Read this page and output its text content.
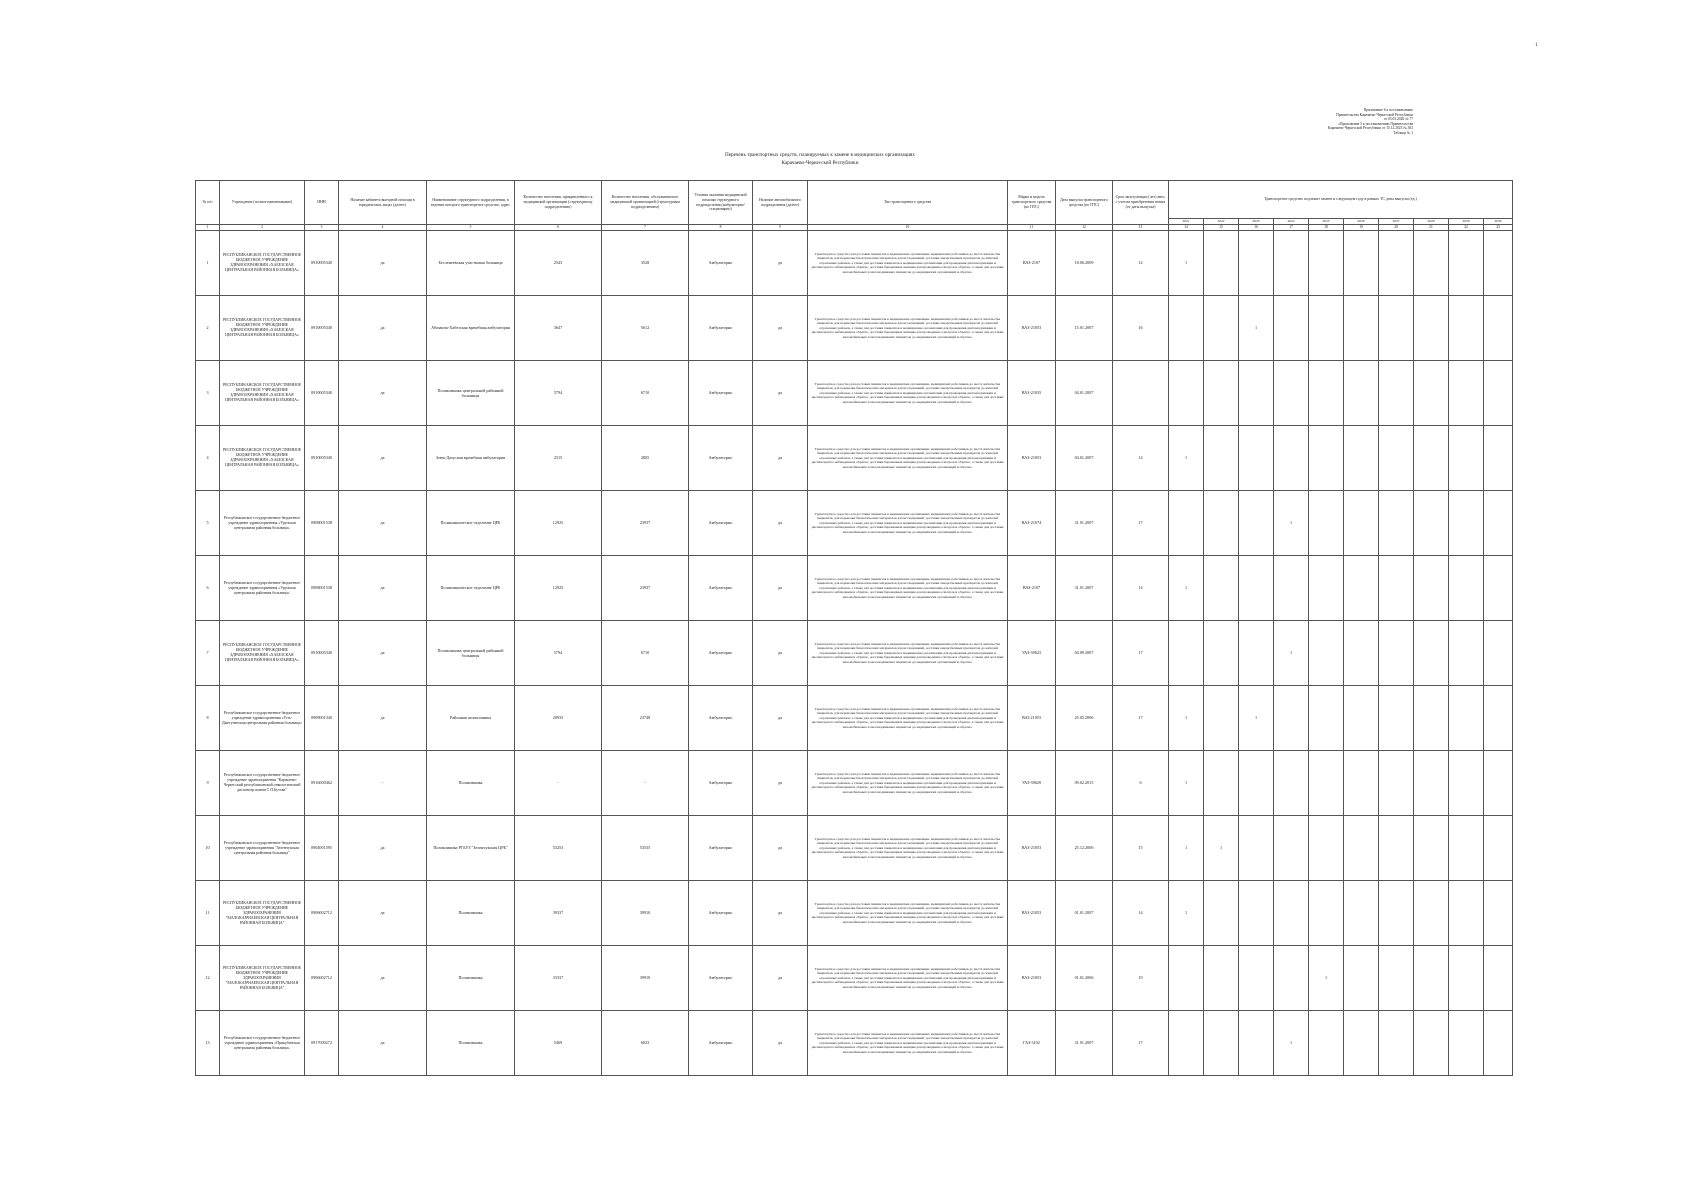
1
Приложение 6 к постановлению
Правительства Карачаево-Черкесской Республики
от 03.03.2026 № 77
«Приложение 5 к постановлению Правительства
Карачаево-Черкесской Республики от 15.12.2023 № 303
Таблица № 1
Перечень транспортных средств, планируемых к замене в медицинских организациях
Карачаево-Черкесской Республики
№ п/п	Учреждение (полное наименование)	ИНН	Наличие кабинета выездной помощи в юридических лицах (да/нет)	Наименование структурного подразделения, в ведении которого транспортное средство, адрес	Количество населения, прикрепленного к медицинской организации (структурному подразделению)	Количество населения, обслуживаемого медицинской организацией (структурным подразделением)	Условия оказания медицинской помощи структурного подразделения (амбулаторно/стационарно)	Наличие автомобильного подразделения (да/нет)	Тип транспортного средства	Марка и модель транспортного средства (по ПТС)	Дата выпуска транспортного средства (по ПТС)	Срок эксплуатации (лет) авто, с учетом приобретения новых (от даты выпуска)	Транспортное средство подлежит замене в следующем году в рамках ТС даты выпуска (ед.)									
													2021	2022	2023	2024	2025	2026	2027	2028	2029	2030
1	2	3	4	5	6	7	8	9	10	11	12	13	14	15	16	17	18	19	20	21	22	23
1	РЕСПУБЛИКАНСКОЕ ГОСУДАРСТВЕННОЕ БЮДЖЕТНОЕ УЧРЕЖДЕНИЕ ЗДРАВООХРАНЕНИЯ «ХАБЕЗСКАЯ ЦЕНТРАЛЬНАЯ РАЙОННАЯ БОЛЬНИЦА»	0910005340	да	Бесленеевская участковая больница	2543	3528	Амбулаторно	да	Транспортное средство для доставки пациентов в медицинские организации, медицинских работников до места жительства пациентов, для перевозки биологических материалов для исследований, доставки лекарственных препаратов до жителей отдаленных районов, а также для доставки пациентов в медицинские организации для проведения диспансеризации и диспансерного наблюдения и обратно, доставки беременных женщин для проведения осмотров и обратно, а также для доставки маломобильных и малоподвижных пациентов до медицинских организаций и обратно.	ВАЗ-2107	18.06.2009	12	1									
2	РЕСПУБЛИКАНСКОЕ ГОСУДАРСТВЕННОЕ БЮДЖЕТНОЕ УЧРЕЖДЕНИЕ ЗДРАВООХРАНЕНИЯ «ХАБЕЗСКАЯ ЦЕНТРАЛЬНАЯ РАЙОННАЯ БОЛЬНИЦА»	0910005340	да	Абазакты-Хабезская врачебная амбулатория	3647	5612	Амбулаторно	да	Транспортное средство для доставки пациентов в медицинские организации, медицинских работников до места жительства пациентов, для перевозки биологических материалов для исследований, доставки лекарственных препаратов до жителей отдаленных районов, а также для доставки пациентов в медицинские организации для проведения диспансеризации и диспансерного наблюдения и обратно, доставки беременных женщин для проведения осмотров и обратно, а также для доставки маломобильных и малоподвижных пациентов до медицинских организаций и обратно.	ВАЗ-21053	15.01.2007	16			1							
3	РЕСПУБЛИКАНСКОЕ ГОСУДАРСТВЕННОЕ БЮДЖЕТНОЕ УЧРЕЖДЕНИЕ ЗДРАВООХРАНЕНИЯ «ХАБЕЗСКАЯ ЦЕНТРАЛЬНАЯ РАЙОННАЯ БОЛЬНИЦА»	0910005340	да	Поликлиника центральной районной больницы	5794	6710	Амбулаторно	да	Транспортное средство для доставки пациентов в медицинские организации, медицинских работников до места жительства пациентов, для перевозки биологических материалов для исследований, доставки лекарственных препаратов до жителей отдаленных районов, а также для доставки пациентов в медицинские организации для проведения диспансеризации и диспансерного наблюдения и обратно, доставки беременных женщин для проведения осмотров и обратно, а также для доставки маломобильных и малоподвижных пациентов до медицинских организаций и обратно.	ВАЗ-21035	04.01.2007											
4	РЕСПУБЛИКАНСКОЕ ГОСУДАРСТВЕННОЕ БЮДЖЕТНОЕ УЧРЕЖДЕНИЕ ЗДРАВООХРАНЕНИЯ «ХАБЕЗСКАЯ ЦЕНТРАЛЬНАЯ РАЙОННАЯ БОЛЬНИЦА»	0910005340	да	Зеюк-Дахуская врачебная амбулатория	2315	2805	Амбулаторно	да	Транспортное средство для доставки пациентов в медицинские организации, медицинских работников до места жительства пациентов, для перевозки биологических материалов для исследований, доставки лекарственных препаратов до жителей отдаленных районов, а также для доставки пациентов в медицинские организации для проведения диспансеризации и диспансерного наблюдения и обратно, доставки беременных женщин для проведения осмотров и обратно, а также для доставки маломобильных и малоподвижных пациентов до медицинских организаций и обратно.	ВАЗ-21053	04.01.2007	14	1									
5	Республиканское государственное бюджетное учреждение здравоохранения «Урупская центральная районная больница»	0908001538	да	Поликлиническое отделение ЦРБ	12925	23937	Амбулаторно	да	Транспортное средство для доставки пациентов в медицинские организации, медицинских работников до места жительства пациентов, для перевозки биологических материалов для исследований, доставки лекарственных препаратов до жителей отдаленных районов, а также для доставки пациентов в медицинские организации для проведения диспансеризации и диспансерного наблюдения и обратно, доставки беременных женщин для проведения осмотров и обратно, а также для доставки маломобильных и малоподвижных пациентов до медицинских организаций и обратно.	ВАЗ-21074	31.01.2007	17				1						
6	Республиканское государственное бюджетное учреждение здравоохранения «Урупская центральная районная больница»	0908001538	да	Поликлиническое отделение ЦРБ	12925	23937	Амбулаторно	да	Транспортное средство для доставки пациентов в медицинские организации, медицинских работников до места жительства пациентов, для перевозки биологических материалов для исследований, доставки лекарственных препаратов до жителей отдаленных районов, а также для доставки пациентов в медицинские организации для проведения диспансеризации и диспансерного наблюдения и обратно, доставки беременных женщин для проведения осмотров и обратно, а также для доставки маломобильных и малоподвижных пациентов до медицинских организаций и обратно.	ВАЗ-2107	31.01.2007	14	1									
7	РЕСПУБЛИКАНСКОЕ ГОСУДАРСТВЕННОЕ БЮДЖЕТНОЕ УЧРЕЖДЕНИЕ ЗДРАВООХРАНЕНИЯ «ХАБЕЗСКАЯ ЦЕНТРАЛЬНАЯ РАЙОННАЯ БОЛЬНИЦА»	0910005340	да	Поликлиника центральной районной больницы	5794	6710	Амбулаторно	да	Транспортное средство для доставки пациентов в медицинские организации, медицинских работников до места жительства пациентов, для перевозки биологических материалов для исследований, доставки лекарственных препаратов до жителей отдаленных районов, а также для доставки пациентов в медицинские организации для проведения диспансеризации и диспансерного наблюдения и обратно, доставки беременных женщин для проведения осмотров и обратно, а также для доставки маломобильных и малоподвижных пациентов до медицинских организаций и обратно.	УАЗ-39623	04.09.2007	17				1						
8	Республиканское государственное бюджетное учреждение здравоохранения «Усть-Джегутинская центральная районная больница»	0909001340	да	Районная поликлиника	20935	23748	Амбулаторно	да	Транспортное средство для доставки пациентов в медицинские организации, медицинских работников до места жительства пациентов, для перевозки биологических материалов для исследований, доставки лекарственных препаратов до жителей отдаленных районов, а также для доставки пациентов в медицинские организации для проведения диспансеризации и диспансерного наблюдения и обратно, доставки беременных женщин для проведения осмотров и обратно, а также для доставки маломобильных и малоподвижных пациентов до медицинских организаций и обратно.	ВАЗ 21053	25.05.2006	17	1		1							
9	Республиканское государственное бюджетное учреждение здравоохранения "Карачаево-Черкесский республиканский онкологический диспансер имени С.П.Бутова"	0916000462	-	Поликлиника	-	-	Амбулаторно	да	Транспортное средство для доставки пациентов в медицинские организации, медицинских работников до места жительства пациентов, для перевозки биологических материалов для исследований, доставки лекарственных препаратов до жителей отдаленных районов, а также для доставки пациентов в медицинские организации для проведения диспансеризации и диспансерного наблюдения и обратно, доставки беременных женщин для проведения осмотров и обратно, а также для доставки маломобильных и малоподвижных пациентов до медицинских организаций и обратно.	УАЗ-39629	09.02.2015	6	1									
10	Республиканское государственное бюджетное учреждение здравоохранения "Зеленчукская центральная районная больница"	0904001595	да	Поликлиника РГБУЗ "Зеленчукская ЦРБ"	53253	53535	Амбулаторно	да	Транспортное средство для доставки пациентов в медицинские организации, медицинских работников до места жительства пациентов, для перевозки биологических материалов для исследований, доставки лекарственных препаратов до жителей отдаленных районов, а также для доставки пациентов в медицинские организации для проведения диспансеризации и диспансерного наблюдения и обратно, доставки беременных женщин для проведения осмотров и обратно, а также для доставки маломобильных и малоподвижных пациентов до медицинских организаций и обратно.	ВАЗ-21053	25.12.2006	15	1	1								
11	РЕСПУБЛИКАНСКОЕ ГОСУДАРСТВЕННОЕ БЮДЖЕТНОЕ УЧРЕЖДЕНИЕ ЗДРАВООХРАНЕНИЯ "МАЛОКАРАЧАЕВСКАЯ ЦЕНТРАЛЬНАЯ РАЙОННАЯ БОЛЬНИЦА"	0906002712	да	Поликлиника	39337	39910	Амбулаторно	да	Транспортное средство для доставки пациентов в медицинские организации, медицинских работников до места жительства пациентов, для перевозки биологических материалов для исследований, доставки лекарственных препаратов до жителей отдаленных районов, а также для доставки пациентов в медицинские организации для проведения диспансеризации и диспансерного наблюдения и обратно, доставки беременных женщин для проведения осмотров и обратно, а также для доставки маломобильных и малоподвижных пациентов до медицинских организаций и обратно.	ВАЗ-21053	01.01.2007	14	1									
12	РЕСПУБЛИКАНСКОЕ ГОСУДАРСТВЕННОЕ БЮДЖЕТНОЕ УЧРЕЖДЕНИЕ ЗДРАВООХРАНЕНИЯ "МАЛОКАРАЧАЕВСКАЯ ЦЕНТРАЛЬНАЯ РАЙОННАЯ БОЛЬНИЦА"	0906002712	да	Поликлиника	33337	39910	Амбулаторно	да	Транспортное средство для доставки пациентов в медицинские организации, медицинских работников до места жительства пациентов, для перевозки биологических материалов для исследований, доставки лекарственных препаратов до жителей отдаленных районов, а также для доставки пациентов в медицинские организации для проведения диспансеризации и диспансерного наблюдения и обратно, доставки беременных женщин для проведения осмотров и обратно, а также для доставки маломобильных и малоподвижных пациентов до медицинских организаций и обратно.	ВАЗ-21053	01.01.2006	19					1					
13	Республиканское государственное бюджетное учреждение здравоохранения «Прикубанская центральная районная больница»	0917000272	да	Поликлиника	5469	6023	Амбулаторно	да	Транспортное средство для доставки пациентов в медицинские организации, медицинских работников до места жительства пациентов, для перевозки биологических материалов для исследований, доставки лекарственных препаратов до жителей отдаленных районов, а также для доставки пациентов в медицинские организации для проведения диспансеризации и диспансерного наблюдения и обратно, доставки беременных женщин для проведения осмотров и обратно, а также для доставки маломобильных и малоподвижных пациентов до медицинских организаций и обратно.	ГАЗ-3102	31.01.2007	17				1						
